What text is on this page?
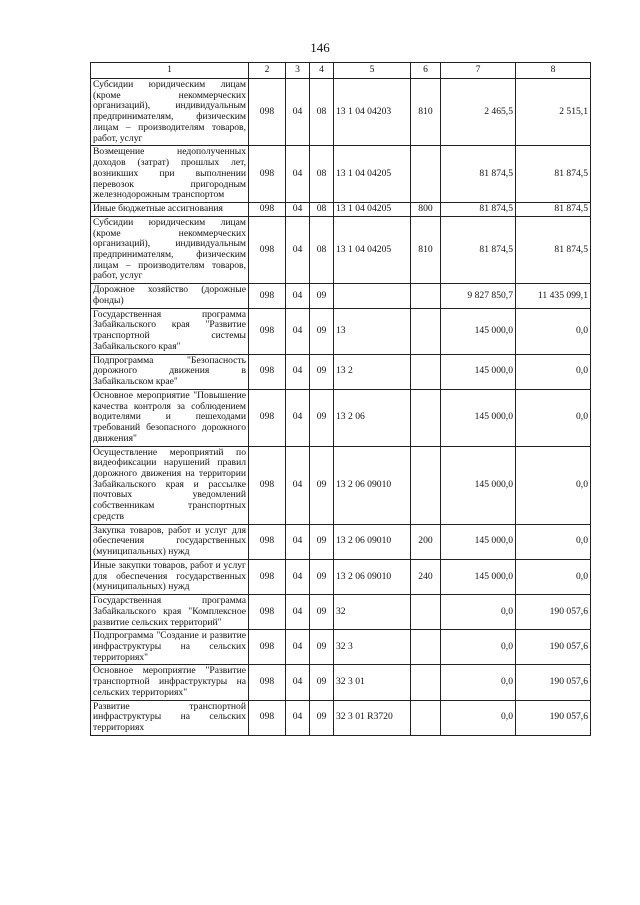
146
1	2	3	4	5	6	7	8
Субсидии юридическим лицам (кроме некоммерческих организаций), индивидуальным предпринимателям, физическим лицам – производителям товаров, работ, услуг	098	04	08	13 1 04 04203	810	2 465,5	2 515,1
Возмещение недополученных доходов (затрат) прошлых лет, возникших при выполнении перевозок пригородным железнодорожным транспортом	098	04	08	13 1 04 04205		81 874,5	81 874,5
Иные бюджетные ассигнования	098	04	08	13 1 04 04205	800	81 874,5	81 874,5
Субсидии юридическим лицам (кроме некоммерческих организаций), индивидуальным предпринимателям, физическим лицам – производителям товаров, работ, услуг	098	04	08	13 1 04 04205	810	81 874,5	81 874,5
Дорожное хозяйство (дорожные фонды)	098	04	09			9 827 850,7	11 435 099,1
Государственная программа Забайкальского края "Развитие транспортной системы Забайкальского края"	098	04	09	13		145 000,0	0,0
Подпрограмма "Безопасность дорожного движения в Забайкальском крае"	098	04	09	13 2		145 000,0	0,0
Основное мероприятие "Повышение качества контроля за соблюдением водителями и пешеходами требований безопасного дорожного движения"	098	04	09	13 2 06		145 000,0	0,0
Осуществление мероприятий по видеофиксации нарушений правил дорожного движения на территории Забайкальского края и рассылке почтовых уведомлений собственникам транспортных средств	098	04	09	13 2 06 09010		145 000,0	0,0
Закупка товаров, работ и услуг для обеспечения государственных (муниципальных) нужд	098	04	09	13 2 06 09010	200	145 000,0	0,0
Иные закупки товаров, работ и услуг для обеспечения государственных (муниципальных) нужд	098	04	09	13 2 06 09010	240	145 000,0	0,0
Государственная программа Забайкальского края "Комплексное развитие сельских территорий"	098	04	09	32		0,0	190 057,6
Подпрограмма "Создание и развитие инфраструктуры на сельских территориях"	098	04	09	32 3		0,0	190 057,6
Основное мероприятие "Развитие транспортной инфраструктуры на сельских территориях"	098	04	09	32 3 01		0,0	190 057,6
Развитие транспортной инфраструктуры на сельских территориях	098	04	09	32 3 01 R3720		0,0	190 057,6
